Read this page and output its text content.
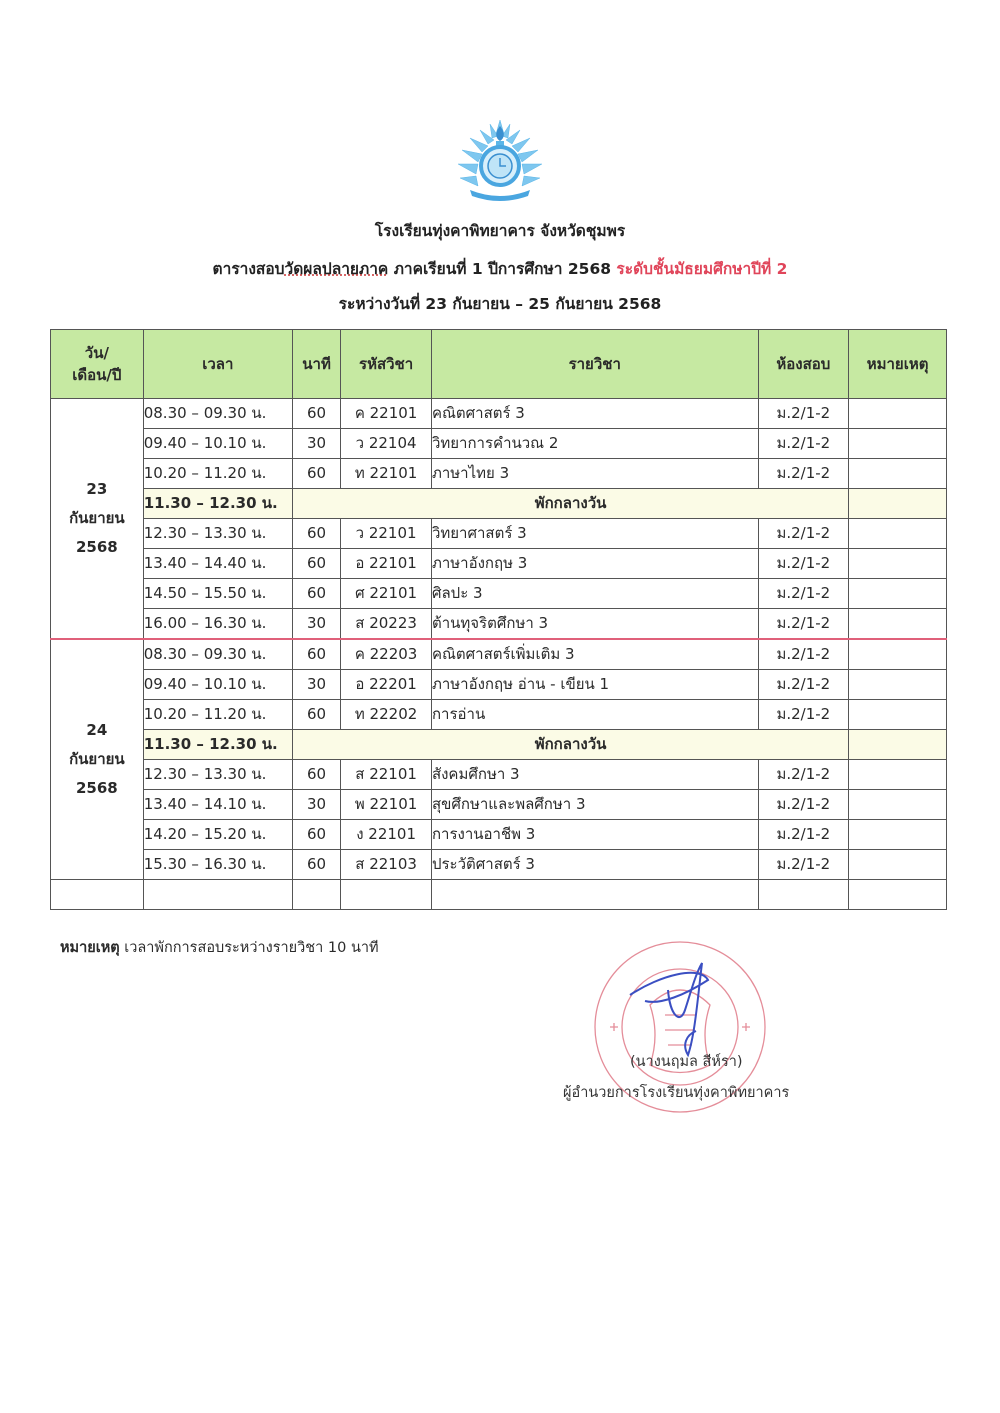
โรงเรียนทุ่งคาพิทยาคาร จังหวัดชุมพร
ตารางสอบวัดผลปลายภาค ภาคเรียนที่ 1 ปีการศึกษา 2568 ระดับชั้นมัธยมศึกษาปีที่ 2
ระหว่างวันที่ 23 กันยายน – 25 กันยายน 2568
วัน/
เดือน/ปี	เวลา	นาที	รหัสวิชา	รายวิชา	ห้องสอบ	หมายเหตุ
23
กันยายน
2568	08.30 – 09.30 น.	60	ค 22101	คณิตศาสตร์ 3	ม.2/1-2	
	09.40 – 10.10 น.	30	ว 22104	วิทยาการคำนวณ 2	ม.2/1-2	
	10.20 – 11.20 น.	60	ท 22101	ภาษาไทย 3	ม.2/1-2	
	11.30 – 12.30 น.	พักกลางวัน				
	12.30 – 13.30 น.	60	ว 22101	วิทยาศาสตร์ 3	ม.2/1-2	
	13.40 – 14.40 น.	60	อ 22101	ภาษาอังกฤษ 3	ม.2/1-2	
	14.50 – 15.50 น.	60	ศ 22101	ศิลปะ 3	ม.2/1-2	
	16.00 – 16.30 น.	30	ส 20223	ต้านทุจริตศึกษา 3	ม.2/1-2	
24
กันยายน
2568	08.30 – 09.30 น.	60	ค 22203	คณิตศาสตร์เพิ่มเติม 3	ม.2/1-2	
	09.40 – 10.10 น.	30	อ 22201	ภาษาอังกฤษ อ่าน - เขียน 1	ม.2/1-2	
	10.20 – 11.20 น.	60	ท 22202	การอ่าน	ม.2/1-2	
	11.30 – 12.30 น.	พักกลางวัน				
	12.30 – 13.30 น.	60	ส 22101	สังคมศึกษา 3	ม.2/1-2	
	13.40 – 14.10 น.	30	พ 22101	สุขศึกษาและพลศึกษา 3	ม.2/1-2	
	14.20 – 15.20 น.	60	ง 22101	การงานอาชีพ 3	ม.2/1-2	
	15.30 – 16.30 น.	60	ส 22103	ประวัติศาสตร์ 3	ม.2/1-2	

หมายเหตุ เวลาพักการสอบระหว่างรายวิชา 10 นาที
(นางนฤมล สีห์รา)
ผู้อำนวยการโรงเรียนทุ่งคาพิทยาคาร
